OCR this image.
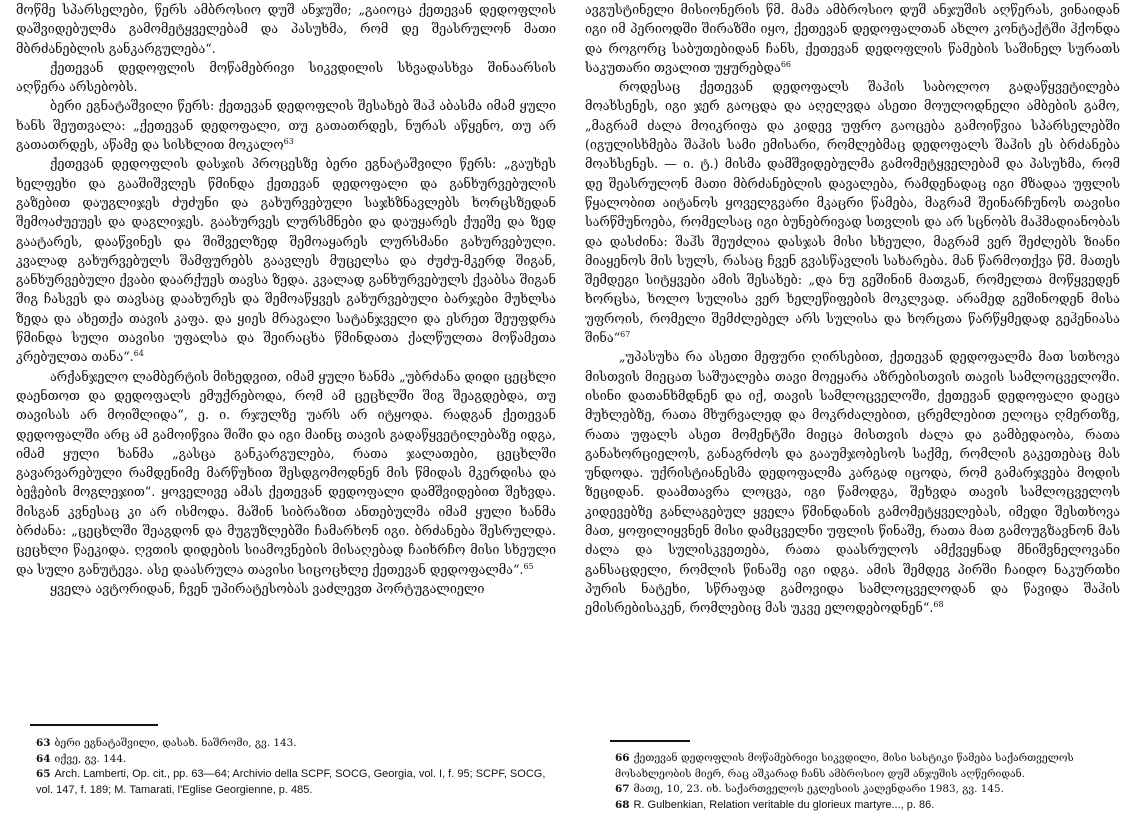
მოწმე სპარსელები, წერს ამბროსიო დუშ ანჯუში; „გაიოცა ქეთევან დედოფლის დაშვიდებულმა გამომეტყველებამ და პასუხმა, რომ დე შეასრულონ მათი მბრძანებლის განკარგულება“.

ქეთევან დედოფლის მოწამებრივი სიკვდილის სხვადასხვა შინაარსის აღწერა არსებობს.

ბერი ეგნატაშვილი წერს: ქეთევან დედოფლის შესახებ შაჰ აბასმა იმამ ყული ხანს შეუთვალა: „ქეთევან დედოფალი, თუ გათათრდეს, ნურას აწყენო, თუ არ გათათრდეს, აწამე და სისხლით მოკალო$^{63}$

ქეთევან დედოფლის დასჯის პროცესზე ბერი ეგნატაშვილი წერს: „გაუხეს ხელფეხი და გააშიშვლეს წმინდა ქეთევან დედოფალი და განხურვებულის გაზებით დაუგლიჯეს ძუძუნი და გახურვებული საჯხზნავლებს ხორცსზედან შემოაძუეუეს და დაგლიჯეს. გაახურვეს ლურსმნები და დაუყარეს ქუეშე და ზედ გაატარეს, დააწვინეს და შიშველზედ შემოაყარეს ლურსმანი გახურვებული. კვალად გახურვებულს შამფურებს გაავლეს მუცელსა და ძუძუ-მკერდ შიგან, განხურვებული ქვაბი დაარქუეს თავსა ზედა. კვალად განხურვებულს ქვაბსა შიგან შიგ ჩასვეს და თავსაც დაახურეს და შემოაწყვეს გახურვებული ბარჯები მუხლსა ზედა და ახეთქა თავის კაფა. და ყიეს მრავალი სატანჯველი და ესრეთ შეუფდრა წმინდა სული თავისი უფალსა და შეირაცხა წმინდათა ქალწულთა მოწამეთა კრებულთა თანა“.$^{64}$

არქანჯელო ლამბერტის მიხედვით, იმამ ყული ხანმა „უბრძანა დიდი ცეცხლი დაენთოთ და დედოფალს ემუქრებოდა, რომ ამ ცეცხლში შიგ შეაგდებდა, თუ თავისას არ მოიშლიდა“, ე. ი. რჯულზე უარს არ იტყოდა. რადგან ქეთევან დედოფალში არც ამ გამოიწვია შიში და იგი მაინც თავის გადაწყვეტილებაზე იდგა, იმამ ყული ხანმა „გასცა განკარგულება, რათა ჯალათები, ცეცხლში გავარვარებული რამდენიმე მარწუხით შესდგომოდნენ მის წმიდას მკერდისა და ბეჭების მოგლეჯით“. ყოველივე ამას ქეთევან დედოფალი დამშვიდებით შეხვდა. მისგან კვნესაც კი არ ისმოდა. მაშინ სიბრაზით ანთებულმა იმამ ყული ხანმა ბრძანა: „ცეცხლში შეაგდონ და მუგუზლებში ჩამარხონ იგი. ბრძანება შესრულდა. ცეცხლი წაეკიდა. ღვთის დიდების სიამოვნების მისაღებად ჩაიხრჩო მისი სხეული და სული განუტევა. ასე დაასრულა თავისი სიცოცხლე ქეთევან დედოფალმა“.$^{65}$

ყველა ავტორიდან, ჩვენ უპირატესობას ვაძლევთ პორტუგალიელი

63 ბერი ეგნატაშვილი, დასახ. ნაშრომი, გვ. 143.

64 იქვე, გვ. 144.

65 Arch. Lamberti, Op. cit., pp. 63—64; Archivio della SCPF, SOCG, Georgia, vol. I, f. 95; SCPF, SOCG, vol. 147, f. 189; M. Tamarati, l'Eglise Georgienne, p. 485.

ავგუსტინელი მისიონერის წმ. მამა ამბროსიო დუშ ანჯუშის აღწერას, ვინაიდან იგი იმ პერიოდში შირაზში იყო, ქეთევან დედოფალთან ახლო კონტაქტში ჰქონდა და როგორც საბუთებიდან ჩანს, ქეთევან დედოფლის წამების საშინელ სურათს საკუთარი თვალით უყურებდა$^{66}$

როდესაც ქეთევან დედოფალს შაჰის საბოლოო გადაწყვეტილება მოახსენეს, იგი ჯერ გაოცდა და აღელვდა ასეთი მოულოდნელი ამბების გამო, „მაგრამ ძალა მოიკრიფა და კიდევ უფრო გაოცება გამოიწვია სპარსელებში (იგულისხმება შაჰის სამი ემისარი, რომლებმაც დედოფალს შაჰის ეს ბრძანება მოახსენეს. — ი. ტ.) მისმა დამშვიდებულმა გამომეტყველებამ და პასუხმა, რომ დე შეასრულონ მათი მბრძანებლის დავალება, რამდენადაც იგი მზადაა უფლის წყალობით აიტანოს ყოველგვარი მკაცრი წამება, მაგრამ შეინარჩუნოს თავისი სარწმუნოება, რომელსაც იგი ბუნებრივად სთვლის და არ სცნობს მაჰმადიანობას და დასძინა: შაჰს შეუძლია დასჯას მისი სხეული, მაგრამ ვერ შეძლებს ზიანი მიაყენოს მის სულს, რასაც ჩვენ გვასწავლის სახარება. მან წარმოთქვა წმ. მათეს შემდეგი სიტყვები ამის შესახებ: „და ნუ გეშინინ მათგან, რომელთა მოწყვედენ ხორცსა, ხოლო სულისა ვერ ხელეწიფების მოკლვად. არამედ გეშინოდენ მისა უფროის, რომელი შემძლებელ არს სულისა და ხორცთა წარწყმედად გეჰენიასა შინა“$^{67}$

„უპასუხა რა ასეთი მეფური ღირსებით, ქეთევან დედოფალმა მათ სთხოვა მისთვის მიეცათ საშუალება თავი მოეყარა აზრებისთვის თავის სამლოცველოში. ისინი დათანხმდნენ და იქ, თავის სამლოცველოში, ქეთევან დედოფალი დაეცა მუხლებზე, რათა მხურვალედ და მოკრძალებით, ცრემლებით ელოცა ღმერთზე, რათა უფალს ასეთ მომენტში მიეცა მისთვის ძალა და გამბედაობა, რათა განახორციელოს, განაგრძოს და გააუმჯობესოს საქმე, რომლის გაკეთებაც მას უნდოდა. უქრისტიანესმა დედოფალმა კარგად იცოდა, რომ გამარჯვება მოდის ზეციდან. დაამთავრა ლოცვა, იგი წამოდგა, შეხვდა თავის სამლოცველოს კიდევებზე განლაგებულ ყველა წმინდანის გამომეტყველებას, იმედი შესთხოვა მათ, ყოფილიყვნენ მისი დამცველნი უფლის წინაშე, რათა მათ გამოუგზავნონ მას ძალა და სულისკვეთება, რათა დაასრულოს ამქვეყნად მნიშვნელოვანი განსაცდელი, რომლის წინაშე იგი იდგა. ამის შემდეგ პირში ჩაიდო ნაკურთხი პურის ნატეხი, სწრაფად გამოვიდა სამლოცველოდან და წავიდა შაჰის ემისრებისაკენ, რომლებიც მას უკვე ელოდებოდნენ“.$^{68}$

66 ქეთევან დედოფლის მოწამებრივი სიკვდილი, მისი სასტიკი წამება საქართველოს მოსახლეობის მიერ, რაც აშკარად ჩანს ამბროსიო დუშ ანჯუშის აღწერიდან.

67 მათე, 10, 23. იხ. საქართველოს ეკლესიის კალენდარი 1983, გვ. 145.

68 R. Gulbenkian, Relation veritable du glorieux martyre..., p. 86.
